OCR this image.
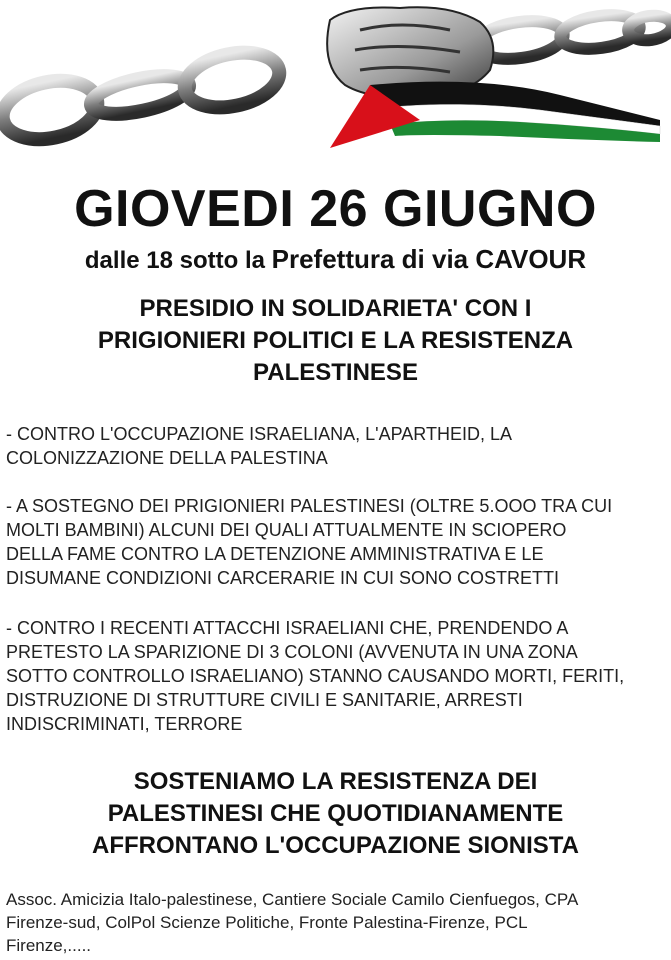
GIOVEDI 26 GIUGNO
dalle 18 sotto la Prefettura di via CAVOUR
PRESIDIO IN SOLIDARIETA' CON I
PRIGIONIERI POLITICI E LA RESISTENZA
PALESTINESE
- CONTRO L'OCCUPAZIONE ISRAELIANA, L'APARTHEID, LA
COLONIZZAZIONE DELLA PALESTINA
- A SOSTEGNO DEI PRIGIONIERI PALESTINESI (OLTRE 5.OOO TRA CUI
MOLTI BAMBINI) ALCUNI DEI QUALI ATTUALMENTE IN SCIOPERO
DELLA FAME CONTRO LA DETENZIONE AMMINISTRATIVA E LE
DISUMANE CONDIZIONI CARCERARIE IN CUI SONO COSTRETTI
- CONTRO I RECENTI ATTACCHI ISRAELIANI CHE, PRENDENDO A
PRETESTO LA SPARIZIONE DI 3 COLONI (AVVENUTA IN UNA ZONA
SOTTO CONTROLLO ISRAELIANO) STANNO CAUSANDO MORTI, FERITI,
DISTRUZIONE DI STRUTTURE CIVILI E SANITARIE, ARRESTI
INDISCRIMINATI, TERRORE
SOSTENIAMO LA RESISTENZA DEI
PALESTINESI CHE QUOTIDIANAMENTE
AFFRONTANO L'OCCUPAZIONE SIONISTA
Assoc. Amicizia Italo-palestinese, Cantiere Sociale Camilo Cienfuegos, CPA
Firenze-sud, ColPol Scienze Politiche, Fronte Palestina-Firenze, PCL
Firenze,.....
